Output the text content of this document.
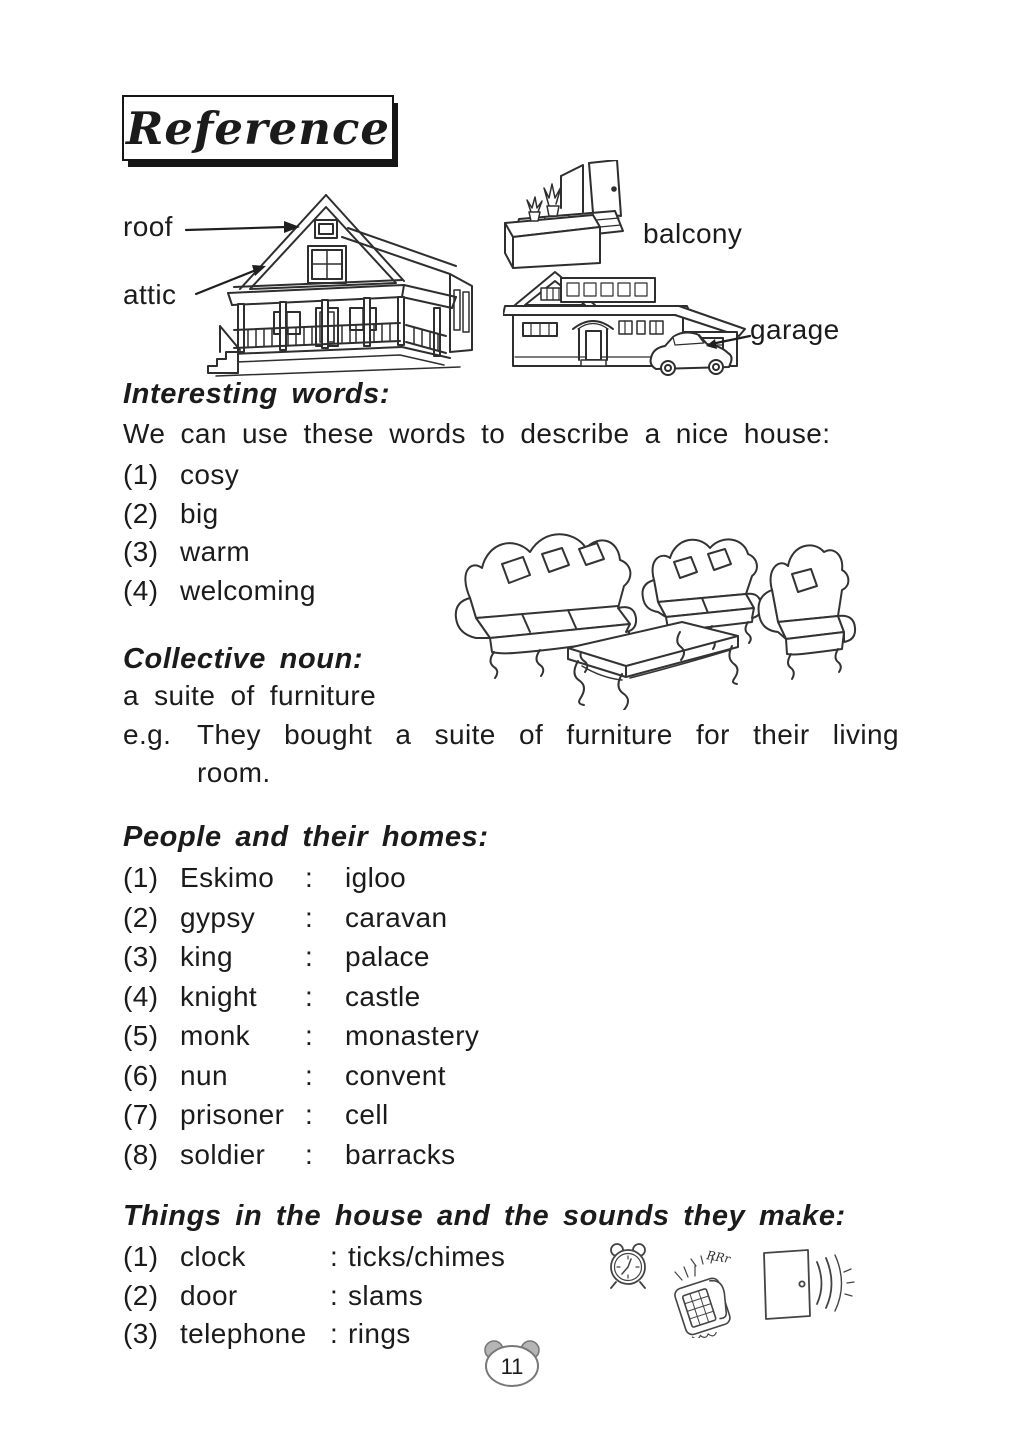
Reference
roof
attic
balcony
garage
Interesting words:
We can use these words to describe a nice house:
(1) cosy
(2) big
(3) warm
(4) welcoming
Collective noun:
a suite of furniture
e.g. They bought a suite of furniture for their living
room.
People and their homes:
(1) Eskimo	:	igloo
(2) gypsy	:	caravan
(3) king	:	palace
(4) knight	:	castle
(5) monk	:	monastery
(6) nun	:	convent
(7) prisoner :	cell
(8) soldier	:	barracks
Things in the house and the sounds they make:
(1) clock	: ticks/chimes
(2) door	: slams
(3) telephone : rings
RRr
11
